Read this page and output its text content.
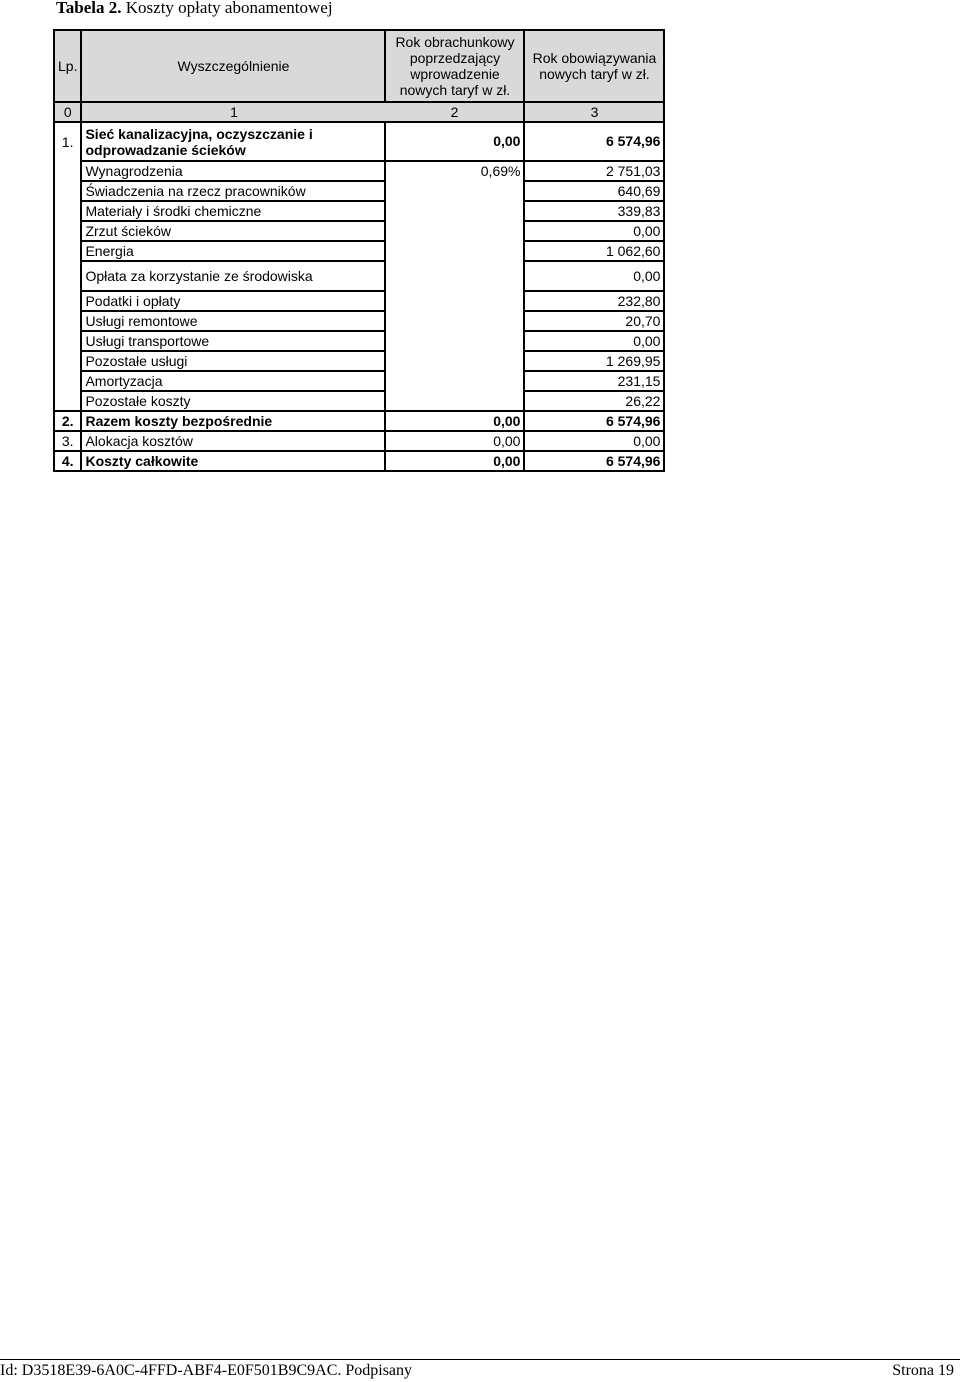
Tabela 2. Koszty opłaty abonamentowej
Lp.	Wyszczególnienie	Rok obrachunkowy poprzedzający wprowadzenie nowych taryf w zł.	Rok obowiązywania nowych taryf w zł.
0	1	2	3
1.	Sieć kanalizacyjna, oczyszczanie i odprowadzanie ścieków	0,00	6 574,96
	Wynagrodzenia	0,69%	2 751,03
	Świadczenia na rzecz pracowników		640,69
	Materiały i środki chemiczne		339,83
	Zrzut ścieków		0,00
	Energia		1 062,60
	Opłata za korzystanie ze środowiska		0,00
	Podatki i opłaty		232,80
	Usługi remontowe		20,70
	Usługi transportowe		0,00
	Pozostałe usługi		1 269,95
	Amortyzacja		231,15
	Pozostałe koszty		26,22
2.	Razem koszty bezpośrednie	0,00	6 574,96
3.	Alokacja kosztów	0,00	0,00
4.	Koszty całkowite	0,00	6 574,96
Id: D3518E39-6A0C-4FFD-ABF4-E0F501B9C9AC. Podpisany	Strona 19
